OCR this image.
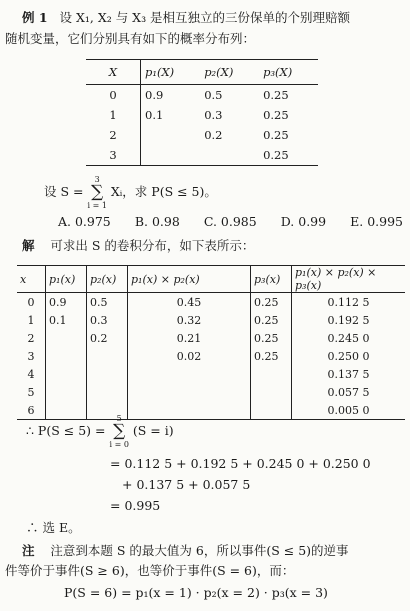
例 1 设 X₁, X₂ 与 X₃ 是相互独立的三份保单的个别理赔额
随机变量，它们分别具有如下的概率分布列：
X	p₁(X)	p₂(X)	p₃(X)
0	0.9	0.5	0.25
1	0.1	0.3	0.25
2		0.2	0.25
3			0.25
设 S =
3
∑
i = 1
Xᵢ，求 P(S ≤ 5)。
A. 0.975 B. 0.98 C. 0.985 D. 0.99 E. 0.995
解 可求出 S 的卷积分布，如下表所示：
x	p₁(x)	p₂(x)	p₁(x) × p₂(x)	p₃(x)	p₁(x) × p₂(x) × p₃(x)
0	0.9	0.5	0.45	0.25	0.112 5
1	0.1	0.3	0.32	0.25	0.192 5
2		0.2	0.21	0.25	0.245 0
3			0.02	0.25	0.250 0
4					0.137 5
5					0.057 5
6					0.005 0
∴ P(S ≤ 5) =
5
∑
i = 0
(S = i)
= 0.112 5 + 0.192 5 + 0.245 0 + 0.250 0
+ 0.137 5 + 0.057 5
= 0.995
∴ 选 E。
注 注意到本题 S 的最大值为 6，所以事件(S ≤ 5)的逆事
件等价于事件(S ≥ 6)，也等价于事件(S = 6)，而：
P(S = 6) = p₁(x = 1) · p₂(x = 2) · p₃(x = 3)
